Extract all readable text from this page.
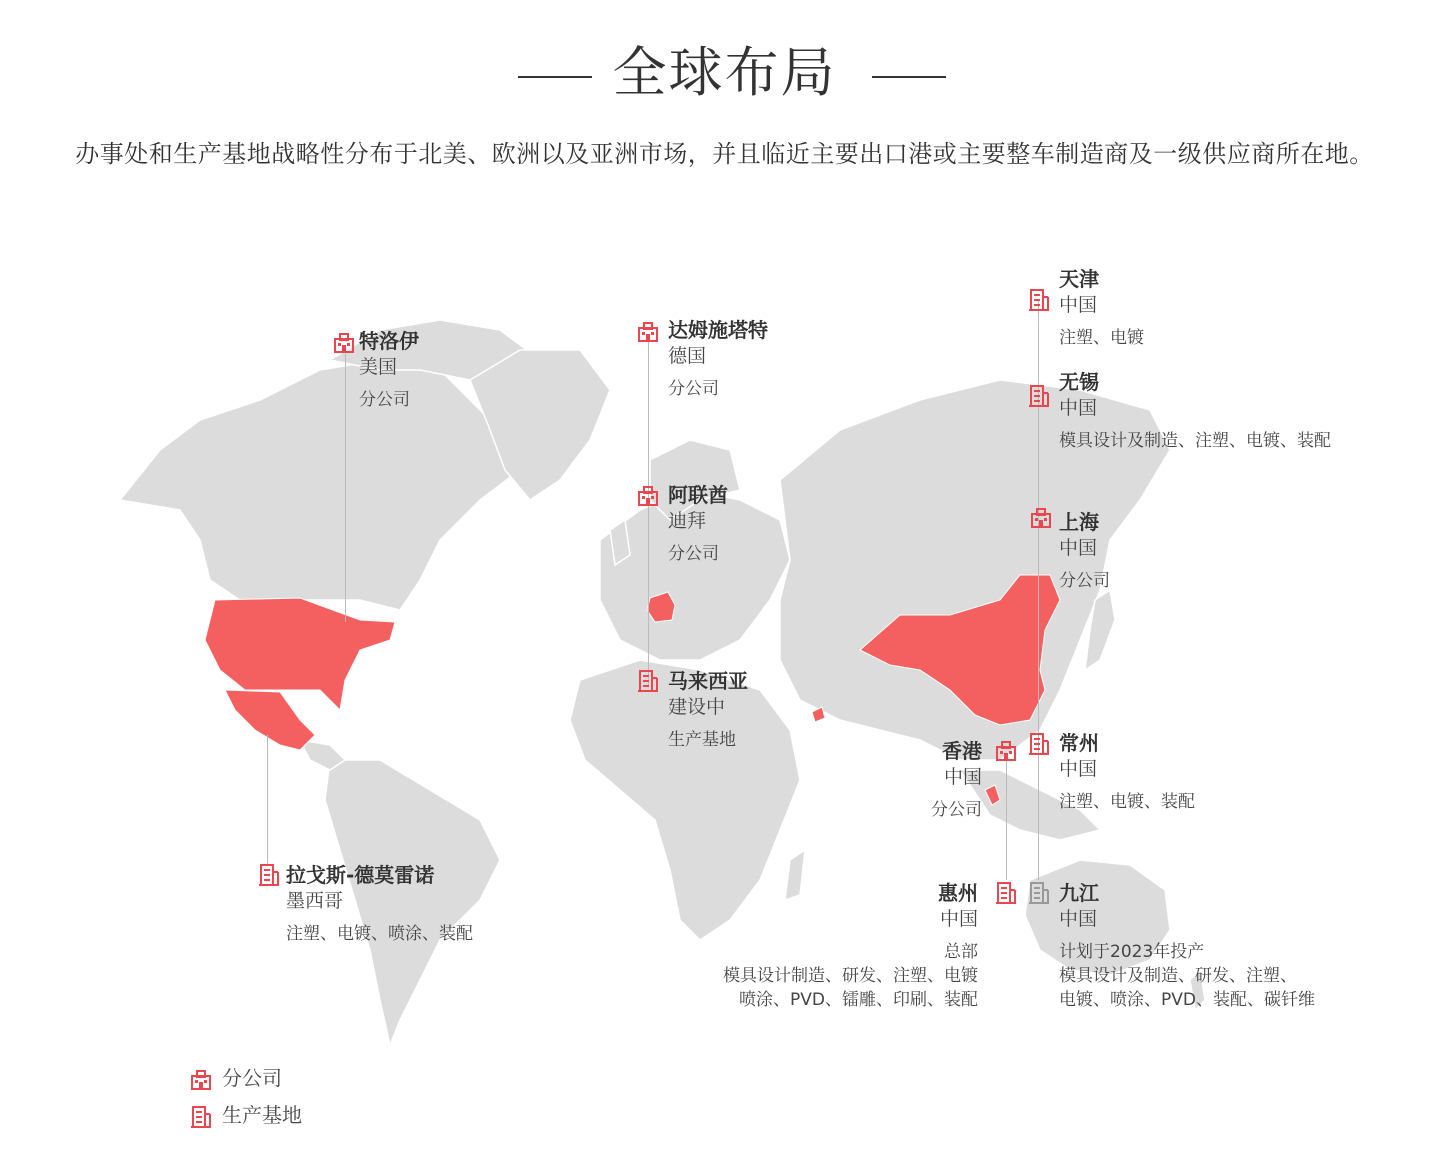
全球布局
办事处和生产基地战略性分布于北美、欧洲以及亚洲市场，并且临近主要出口港或主要整车制造商及一级供应商所在地。
特洛伊
美国
分公司
达姆施塔特
德国
分公司
阿联酋
迪拜
分公司
马来西亚
建设中
生产基地
天津
中国
注塑、电镀
无锡
中国
模具设计及制造、注塑、电镀、装配
上海
中国
分公司
香港
中国
分公司
常州
中国
注塑、电镀、装配
拉戈斯-德莫雷诺
墨西哥
注塑、电镀、喷涂、装配
惠州
中国
总部
模具设计制造、研发、注塑、电镀
喷涂、PVD、镭雕、印刷、装配
九江
中国
计划于2023年投产
模具设计及制造、研发、注塑、
电镀、喷涂、PVD、装配、碳钎维
分公司
生产基地
